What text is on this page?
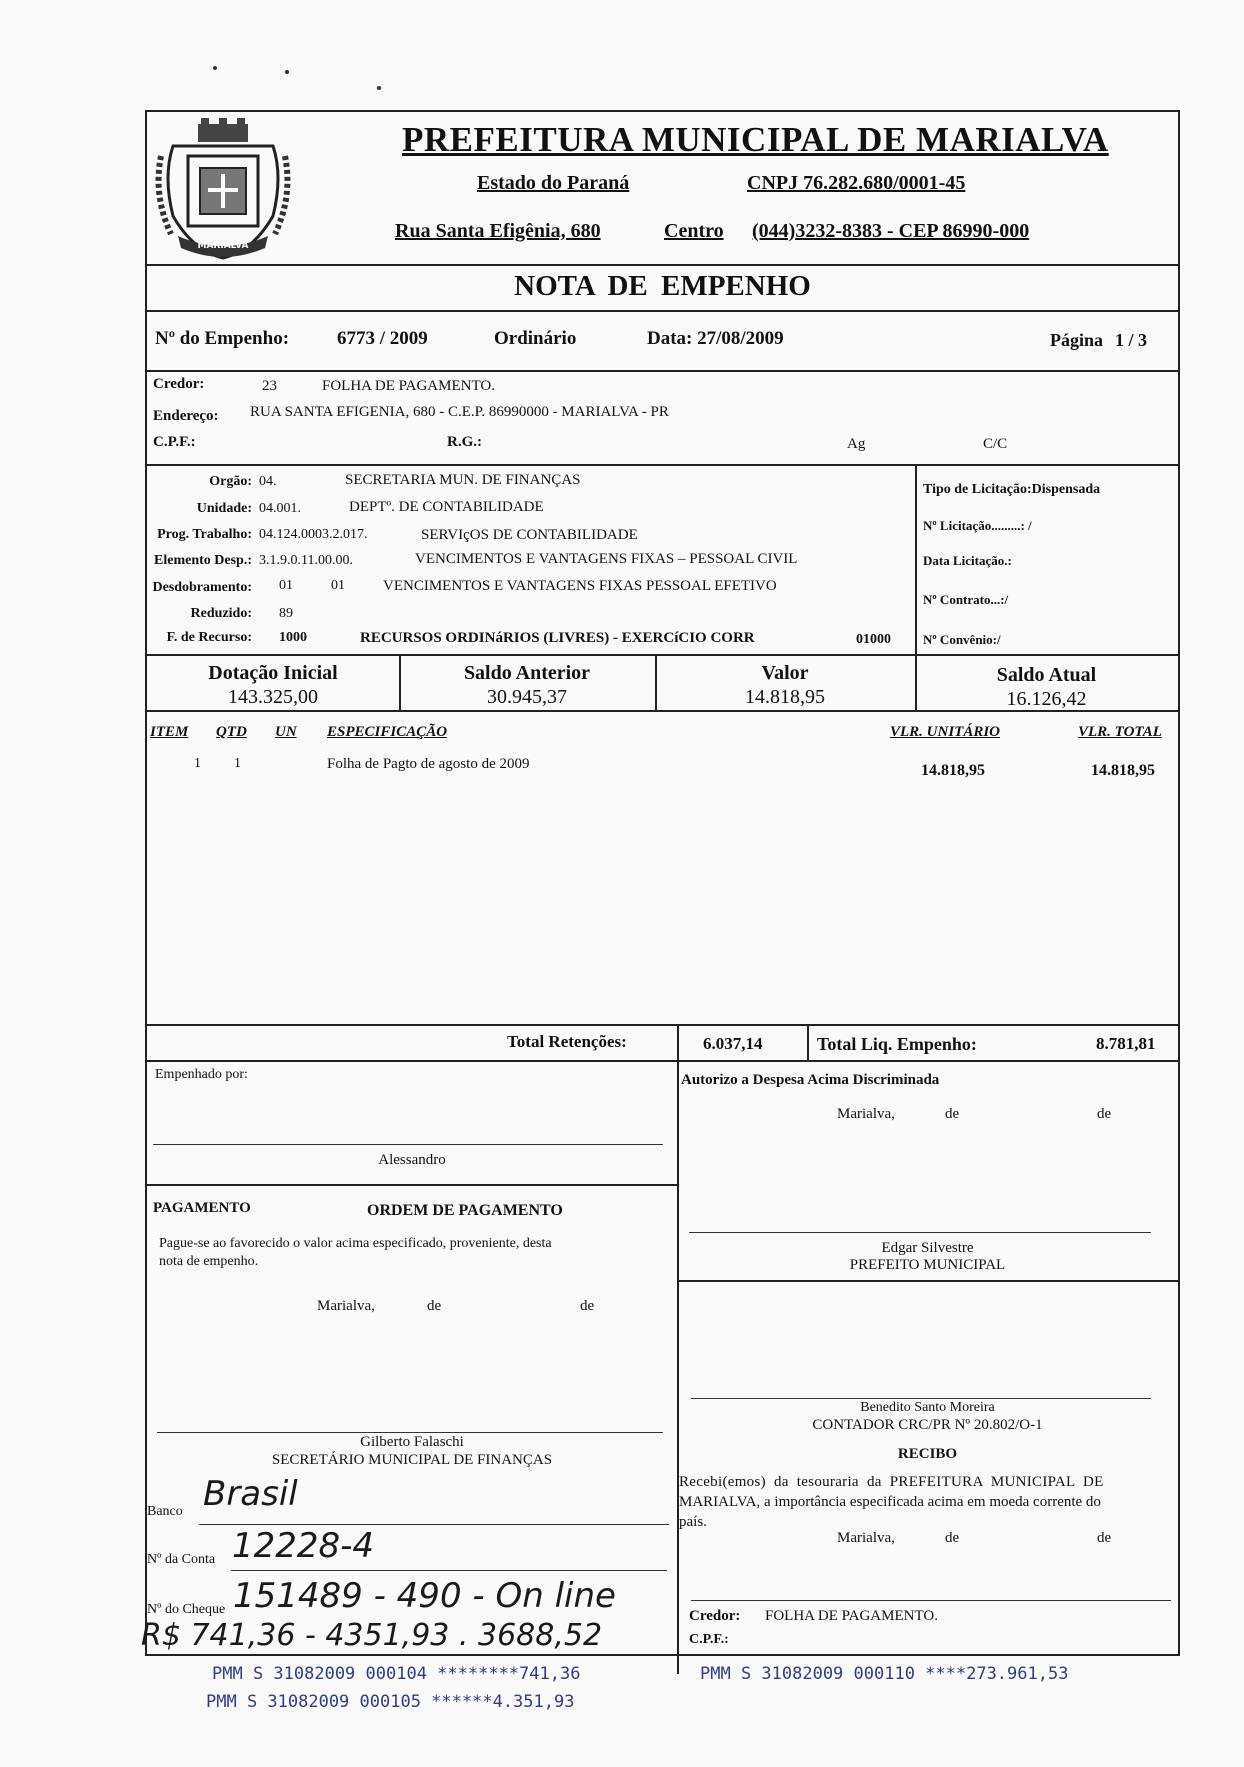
MARIALVA
PREFEITURA MUNICIPAL DE MARIALVA
Estado do Paraná	CNPJ 76.282.680/0001-45
Rua Santa Efigênia, 680	Centro (044)3232-8383 - CEP 86990-000
NOTA DE EMPENHO
Nº do Empenho:	6773 / 2009	Ordinário	Data: 27/08/2009	Página 1 / 3
Credor:	23	FOLHA DE PAGAMENTO.
Endereço: RUA SANTA EFIGENIA, 680 - C.E.P. 86990000 - MARIALVA - PR
C.P.F.:	R.G.:	Ag	C/C
Orgão: 04.	SECRETARIA MUN. DE FINANÇAS
Unidade: 04.001.	DEPTº. DE CONTABILIDADE
Prog. Trabalho: 04.124.0003.2.017.	SERVIçOS DE CONTABILIDADE
Elemento Desp.: 3.1.9.0.11.00.00.	VENCIMENTOS E VANTAGENS FIXAS – PESSOAL CIVIL
Desdobramento: 01	01	VENCIMENTOS E VANTAGENS FIXAS PESSOAL EFETIVO
Reduzido: 89
F. de Recurso: 1000	RECURSOS ORDINáRIOS (LIVRES) - EXERCíCIO CORR	01000
Tipo de Licitação:Dispensada
Nº Licitação.........: /
Data Licitação.:
Nº Contrato...:/
Nº Convênio:/
Dotação Inicial
143.325,00
Saldo Anterior
30.945,37
Valor
14.818,95
Saldo Atual
16.126,42
ITEM QTD UN ESPECIFICAÇÃO	VLR. UNITÁRIO	VLR. TOTAL
1 1	Folha de Pagto de agosto de 2009	14.818,95	14.818,95
Total Retenções:	6.037,14	Total Liq. Empenho:	8.781,81
Empenhado por:
Alessandro
PAGAMENTO	ORDEM DE PAGAMENTO
Pague-se ao favorecido o valor acima especificado, proveniente, desta
nota de empenho.
Marialva,	de	de
Gilberto Falaschi
SECRETÁRIO MUNICIPAL DE FINANÇAS
Banco Brasil
Nº da Conta 12228-4
Nº do Cheque 151489 - 490 - On line
R$ 741,36 - 4351,93 . 3688,52
Autorizo a Despesa Acima Discriminada
Marialva,	de	de
Edgar Silvestre
PREFEITO MUNICIPAL
Benedito Santo Moreira
CONTADOR CRC/PR Nº 20.802/O-1
RECIBO
Recebi(emos) da tesouraria da PREFEITURA MUNICIPAL DE
MARIALVA, a importância especificada acima em moeda corrente do
país.
Marialva,	de	de
Credor: FOLHA DE PAGAMENTO.
C.P.F.:
PMM S 31082009 000104 ********741,36
PMM S 31082009 000105 ******4.351,93
PMM S 31082009 000110 ****273.961,53
